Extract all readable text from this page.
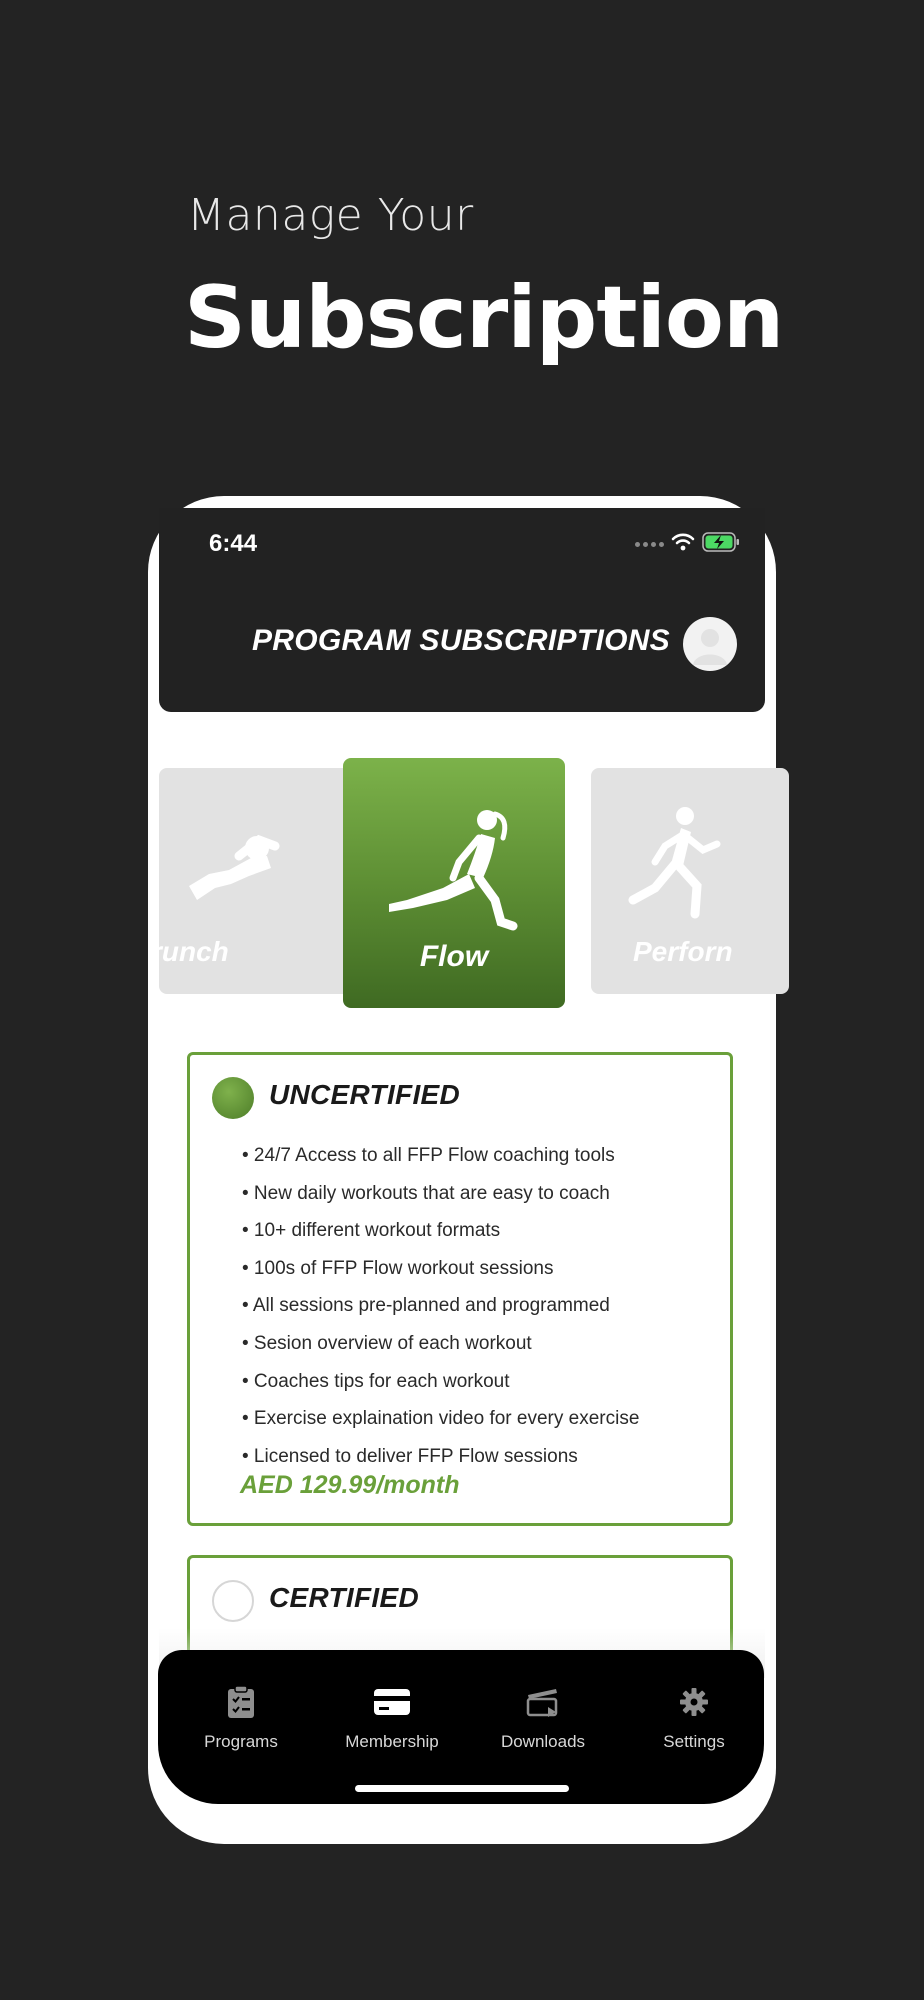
Manage Your
Subscription
6:44
PROGRAM SUBSCRIPTIONS
runch	Flow	Perforn
UNCERTIFIED
• 24/7 Access to all FFP Flow coaching tools
• New daily workouts that are easy to coach
• 10+ different workout formats
• 100s of FFP Flow workout sessions
• All sessions pre-planned and programmed
• Sesion overview of each workout
• Coaches tips for each workout
• Exercise explaination video for every exercise
• Licensed to deliver FFP Flow sessions
AED 129.99/month
CERTIFIED
Programs	Membership	Downloads	Settings
